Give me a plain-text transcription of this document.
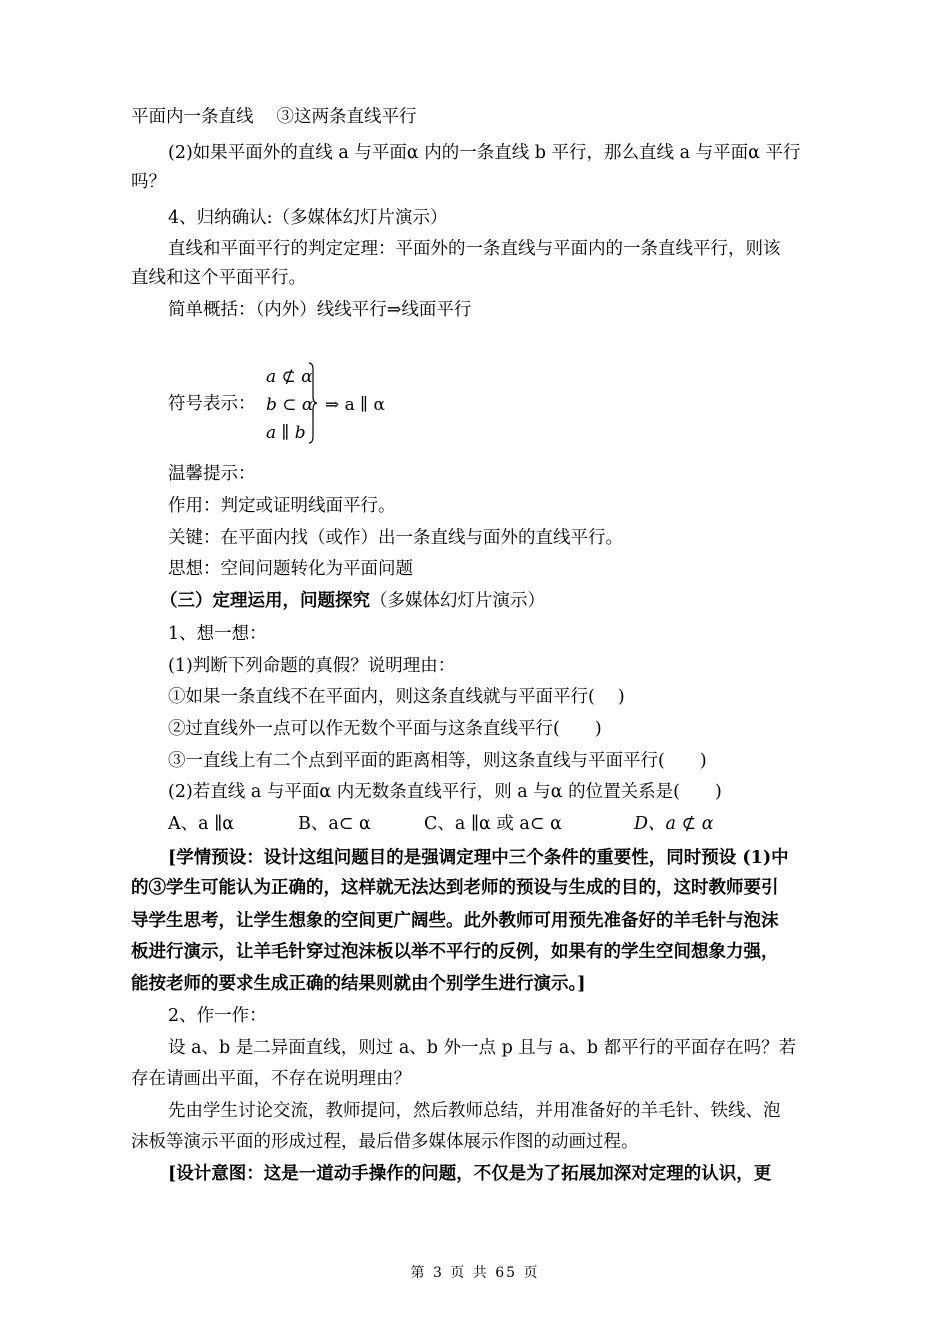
平面内一条直线　 ③这两条直线平行
(2)如果平面外的直线 a 与平面α 内的一条直线 b 平行，那么直线 a 与平面α 平行
吗？
4、归纳确认:（多媒体幻灯片演示）
直线和平面平行的判定定理：平面外的一条直线与平面内的一条直线平行，则该
直线和这个平面平行。
简单概括：（内外）线线平行⇒线面平行
符号表示：
a ⊄ α
b ⊂ α
a ∥ b
⇒ a ∥ α
温馨提示：
作用：判定或证明线面平行。
关键：在平面内找（或作）出一条直线与面外的直线平行。
思想：空间问题转化为平面问题
（三）定理运用，问题探究（多媒体幻灯片演示）
1、想一想：
(1)判断下列命题的真假？说明理由：
①如果一条直线不在平面内，则这条直线就与平面平行(　 )
②过直线外一点可以作无数个平面与这条直线平行(　　)
③一直线上有二个点到平面的距离相等，则这条直线与平面平行(　　)
(2)若直线 a 与平面α 内无数条直线平行，则 a 与α 的位置关系是(　　)
A、a ∥α	B、a⊂ α	C、a ∥α 或 a⊂ α	D、a ⊄ α
[学情预设：设计这组问题目的是强调定理中三个条件的重要性，同时预设 (1)中
的③学生可能认为正确的，这样就无法达到老师的预设与生成的目的，这时教师要引
导学生思考，让学生想象的空间更广阔些。此外教师可用预先准备好的羊毛针与泡沫
板进行演示，让羊毛针穿过泡沫板以举不平行的反例，如果有的学生空间想象力强，
能按老师的要求生成正确的结果则就由个别学生进行演示。]
2、作一作：
设 a、b 是二异面直线，则过 a、b 外一点 p 且与 a、b 都平行的平面存在吗？若
存在请画出平面，不存在说明理由？
先由学生讨论交流，教师提问，然后教师总结，并用准备好的羊毛针、铁线、泡
沫板等演示平面的形成过程，最后借多媒体展示作图的动画过程。
[设计意图：这是一道动手操作的问题，不仅是为了拓展加深对定理的认识，更
第 3 页 共 65 页
